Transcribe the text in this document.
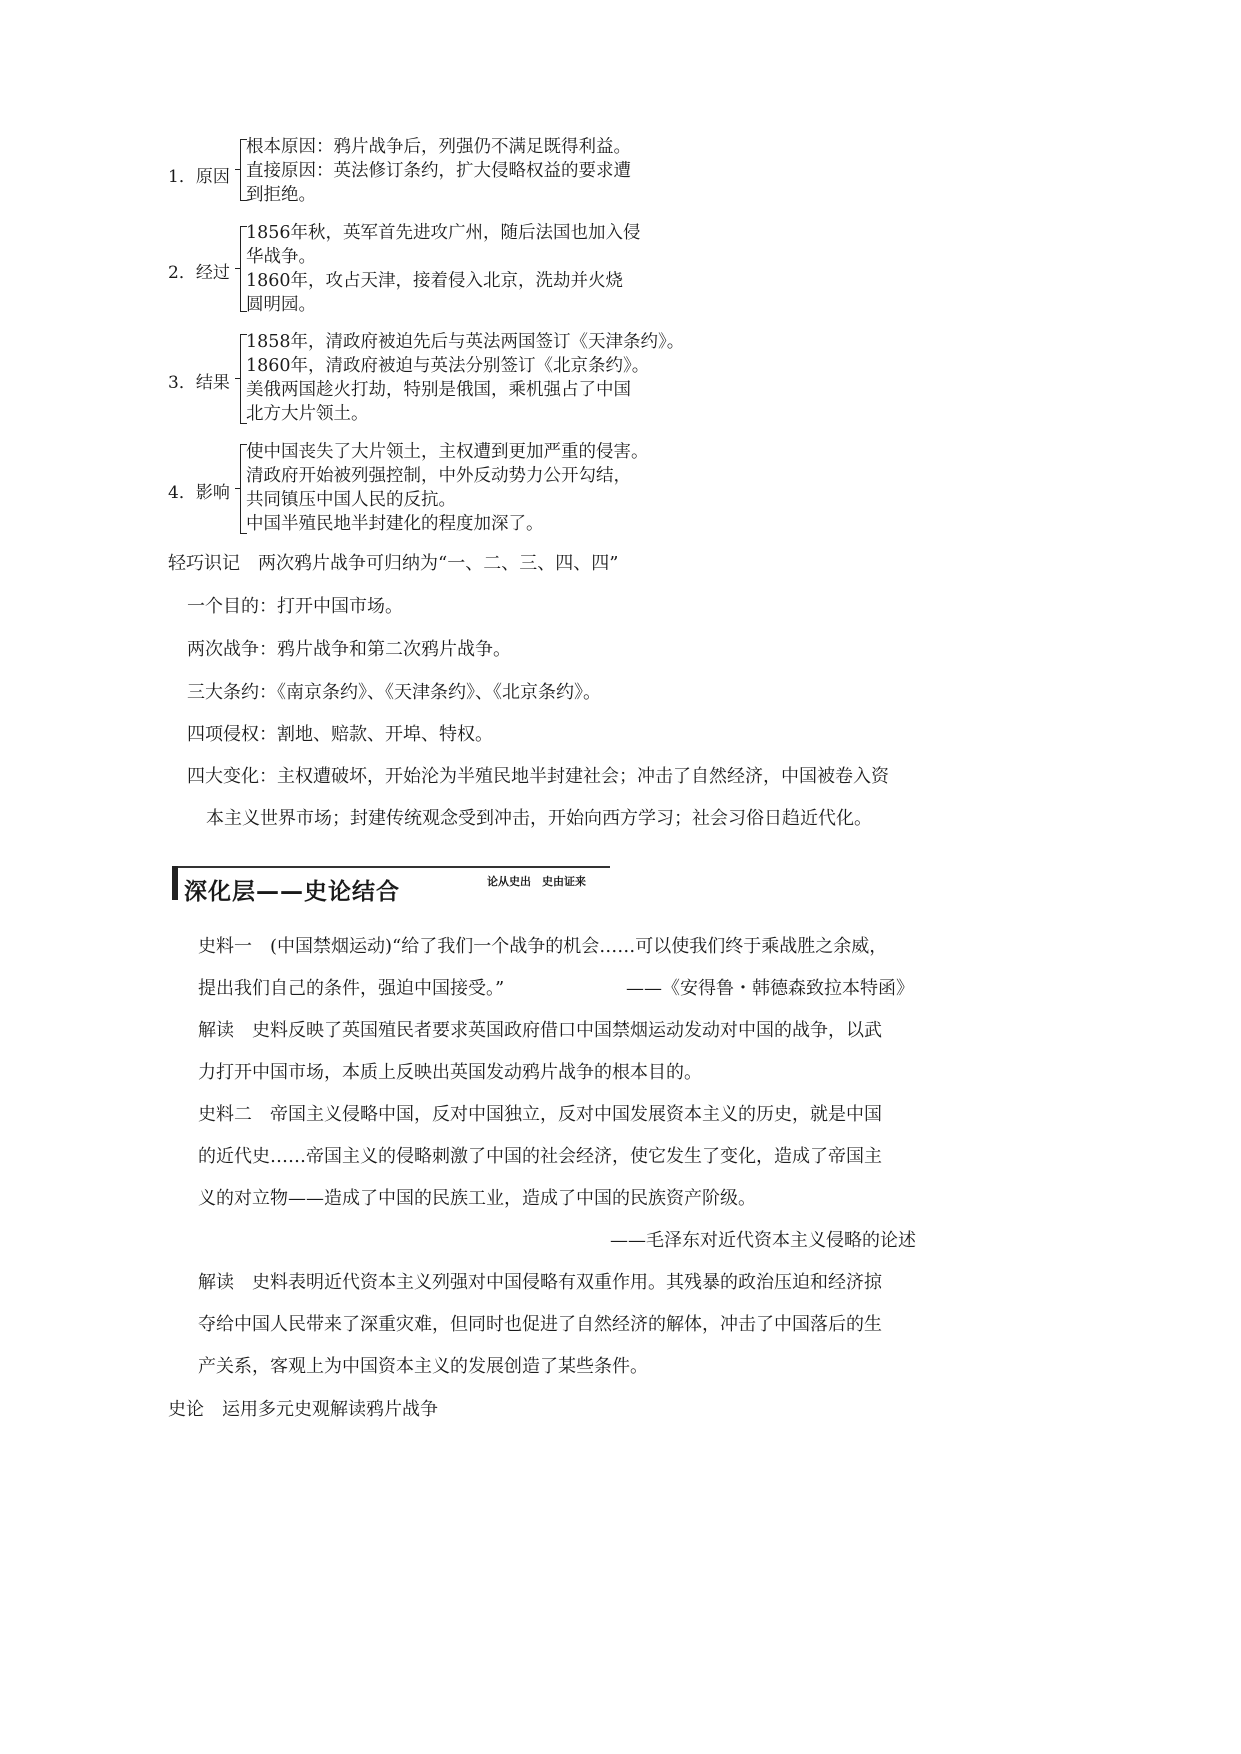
1．原因
根本原因：鸦片战争后，列强仍不满足既得利益。
直接原因：英法修订条约，扩大侵略权益的要求遭
到拒绝。
2．经过
1856年秋，英军首先进攻广州，随后法国也加入侵
华战争。
1860年，攻占天津，接着侵入北京，洗劫并火烧
圆明园。
3．结果
1858年，清政府被迫先后与英法两国签订《天津条约》。
1860年，清政府被迫与英法分别签订《北京条约》。
美俄两国趁火打劫，特别是俄国，乘机强占了中国
北方大片领土。
4．影响
使中国丧失了大片领土，主权遭到更加严重的侵害。
清政府开始被列强控制，中外反动势力公开勾结，
共同镇压中国人民的反抗。
中国半殖民地半封建化的程度加深了。
轻巧识记　两次鸦片战争可归纳为“一、二、三、四、四”
一个目的：打开中国市场。
两次战争：鸦片战争和第二次鸦片战争。
三大条约：《南京条约》、《天津条约》、《北京条约》。
四项侵权：割地、赔款、开埠、特权。
四大变化：主权遭破坏，开始沦为半殖民地半封建社会；冲击了自然经济，中国被卷入资
本主义世界市场；封建传统观念受到冲击，开始向西方学习；社会习俗日趋近代化。
深化层——史论结合	论从史出　史由证来
史料一　(中国禁烟运动)“给了我们一个战争的机会……可以使我们终于乘战胜之余威，
提出我们自己的条件，强迫中国接受。”	——《安得鲁・韩德森致拉本特函》
解读　史料反映了英国殖民者要求英国政府借口中国禁烟运动发动对中国的战争，以武
力打开中国市场，本质上反映出英国发动鸦片战争的根本目的。
史料二　帝国主义侵略中国，反对中国独立，反对中国发展资本主义的历史，就是中国
的近代史……帝国主义的侵略刺激了中国的社会经济，使它发生了变化，造成了帝国主
义的对立物——造成了中国的民族工业，造成了中国的民族资产阶级。
——毛泽东对近代资本主义侵略的论述
解读　史料表明近代资本主义列强对中国侵略有双重作用。其残暴的政治压迫和经济掠
夺给中国人民带来了深重灾难，但同时也促进了自然经济的解体，冲击了中国落后的生
产关系，客观上为中国资本主义的发展创造了某些条件。
史论　运用多元史观解读鸦片战争
